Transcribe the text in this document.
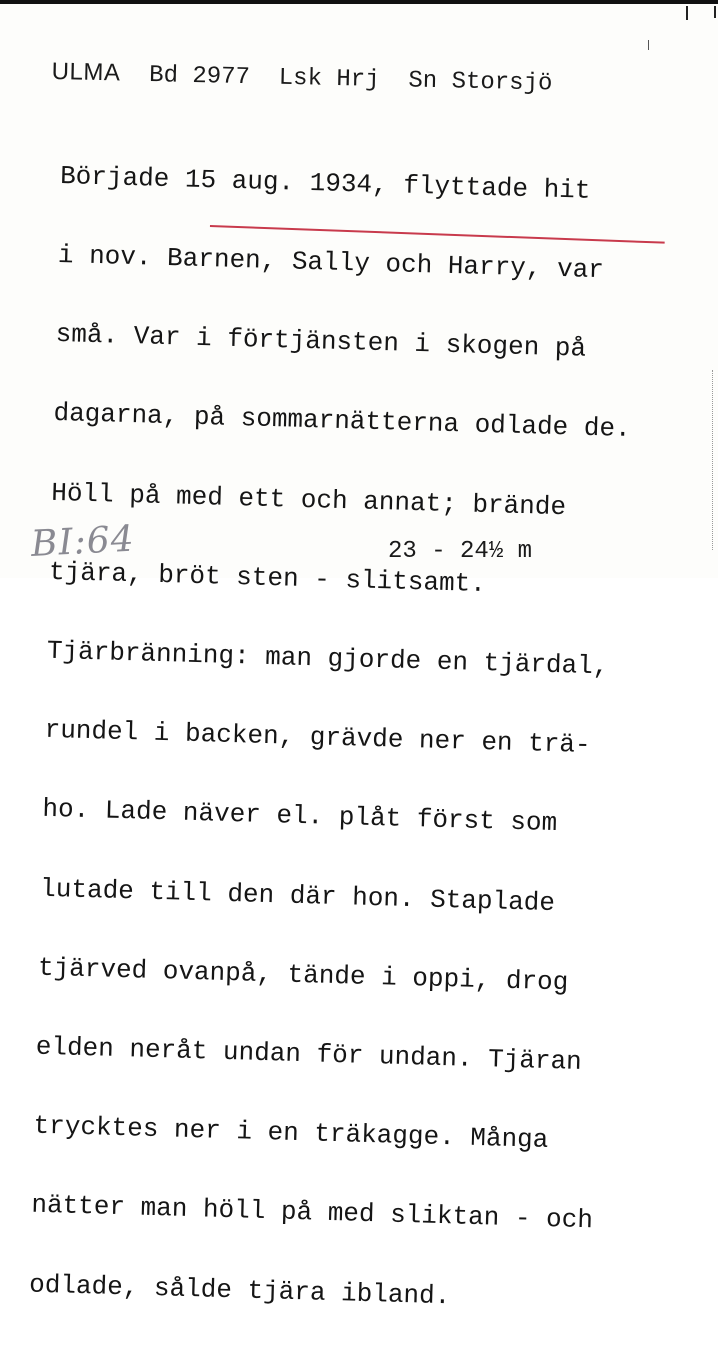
ULMA Bd 2977 Lsk Hrj Sn Storsjö

Började 15 aug. 1934, flyttade hit

i nov. Barnen, Sally och Harry, var

små. Var i förtjänsten i skogen på

dagarna, på sommarnätterna odlade de.

Höll på med ett och annat; brände

tjära, bröt sten - slitsamt.

Tjärbränning: man gjorde en tjärdal,

rundel i backen, grävde ner en trä-

ho. Lade näver el. plåt först som

lutade till den där hon. Staplade

tjärved ovanpå, tände i oppi, drog

elden neråt undan för undan. Tjäran

trycktes ner i en träkagge. Många

nätter man höll på med sliktan - och

odlade, sålde tjära ibland.

BI:64	23 - 24½ m
